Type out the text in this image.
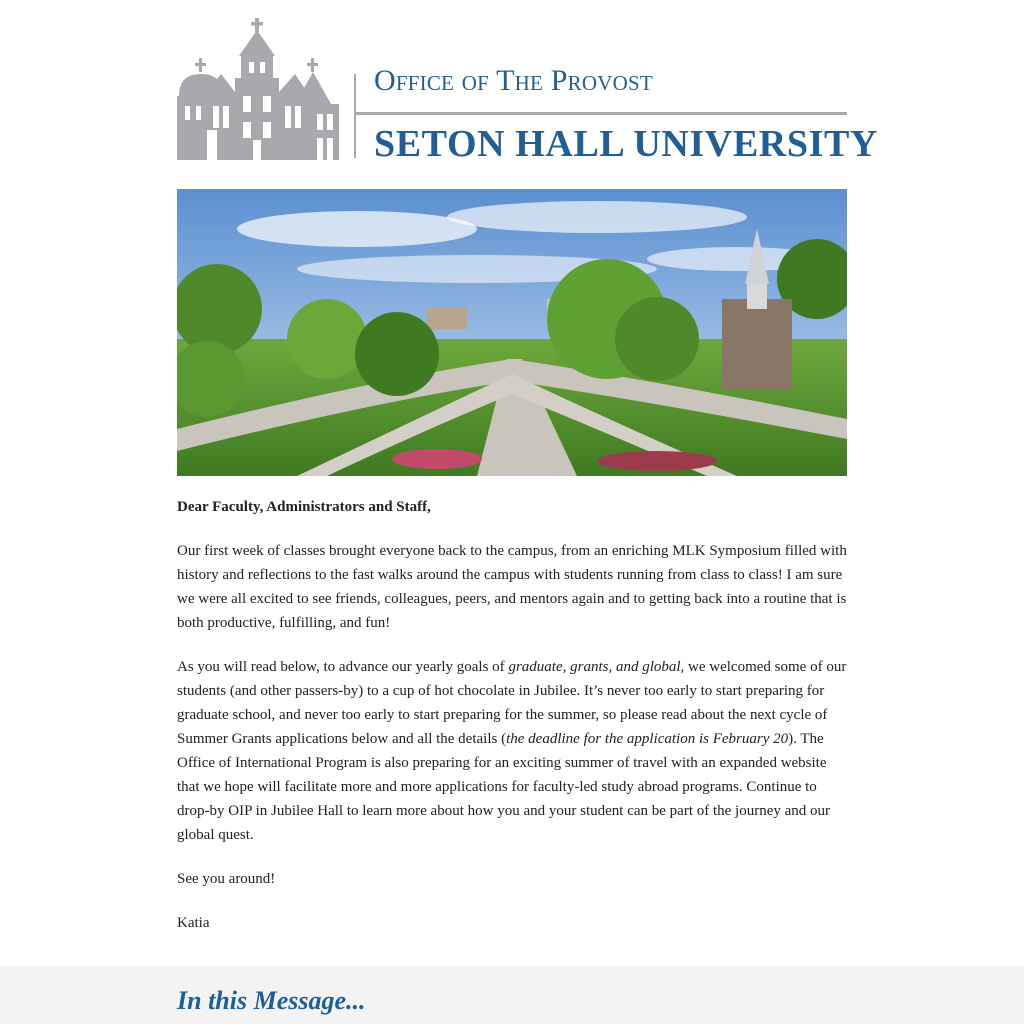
Office of The Provost
SETON HALL UNIVERSITY

Dear Faculty, Administrators and Staff,

Our first week of classes brought everyone back to the campus, from an enriching MLK Symposium filled with history and reflections to the fast walks around the campus with students running from class to class! I am sure we were all excited to see friends, colleagues, peers, and mentors again and to getting back into a routine that is both productive, fulfilling, and fun!

As you will read below, to advance our yearly goals of graduate, grants, and global, we welcomed some of our students (and other passers-by) to a cup of hot chocolate in Jubilee. It’s never too early to start preparing for graduate school, and never too early to start preparing for the summer, so please read about the next cycle of Summer Grants applications below and all the details (the deadline for the application is February 20). The Office of International Program is also preparing for an exciting summer of travel with an expanded website that we hope will facilitate more and more applications for faculty-led study abroad programs. Continue to drop-by OIP in Jubilee Hall to learn more about how you and your student can be part of the journey and our global quest.

See you around!

Katia

In this Message...
